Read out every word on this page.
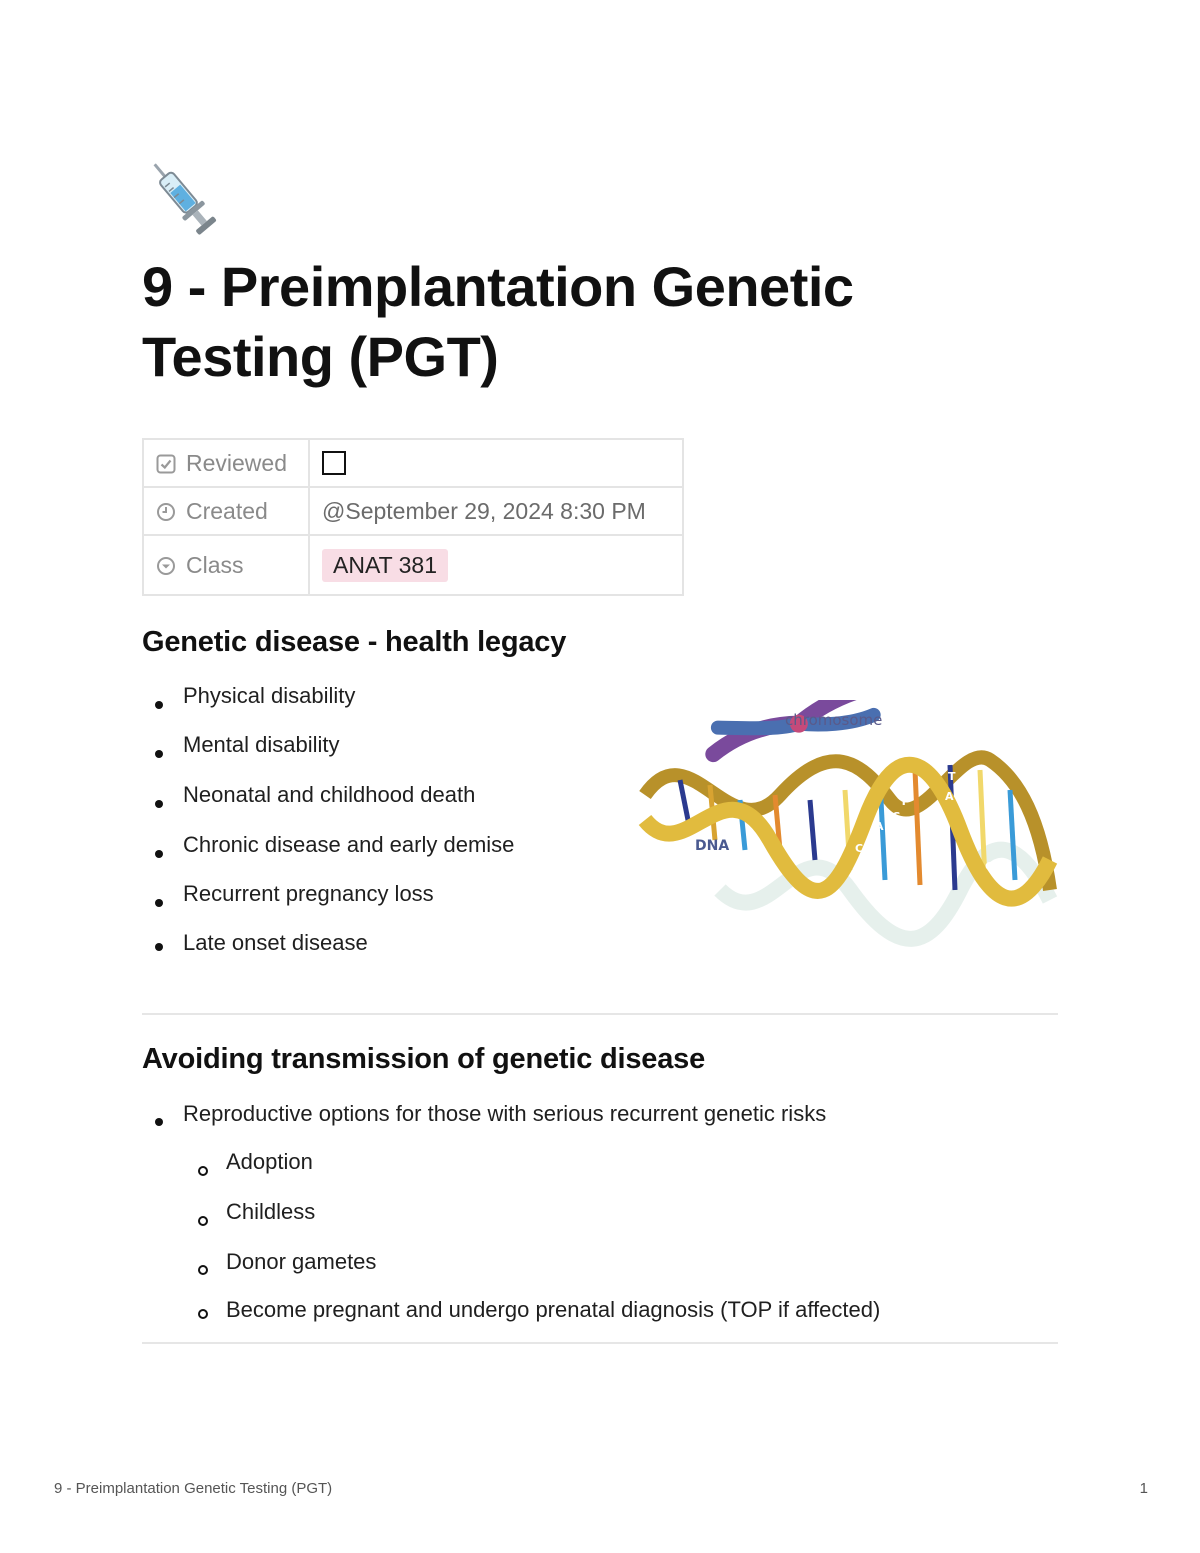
9 - Preimplantation Genetic Testing (PGT)
Reviewed	
Created	@September 29, 2024 8:30 PM
Class	ANAT 381
Genetic disease - health legacy
Physical disability
Mental disability
Neonatal and childhood death
Chronic disease and early demise
Recurrent pregnancy loss
Late onset disease
chromosome
DNA
T
A
G
C
A
T
C
G
A
T
C
G
Avoiding transmission of genetic disease
Reproductive options for those with serious recurrent genetic risks
Adoption
Childless
Donor gametes
Become pregnant and undergo prenatal diagnosis (TOP if affected)
9 - Preimplantation Genetic Testing (PGT)	1
